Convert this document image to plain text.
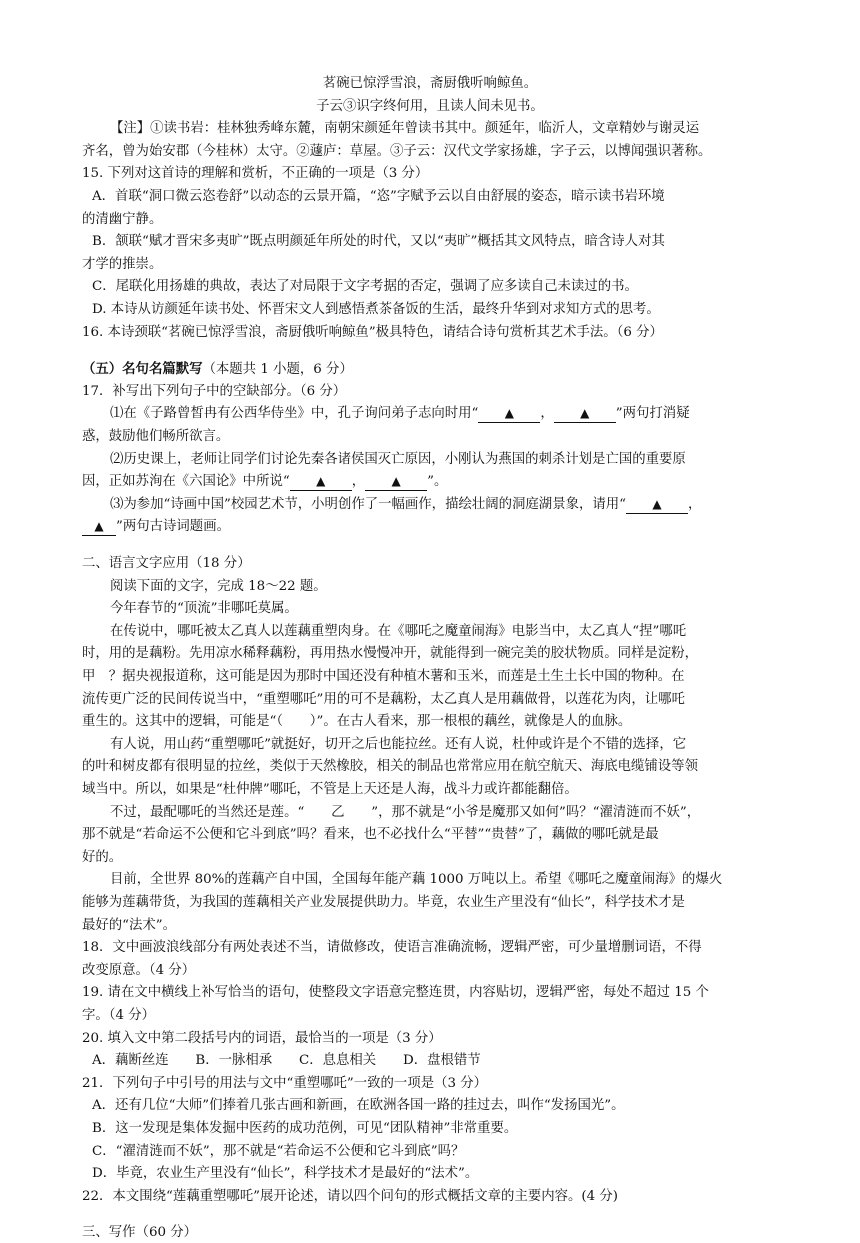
茗碗已惊浮雪浪，斋厨俄听响鲸鱼。
子云③识字终何用，且读人间未见书。
【注】①读书岩：桂林独秀峰东麓，南朝宋颜延年曾读书其中。颜延年，临沂人，文章精妙与谢灵运
齐名，曾为始安郡（今桂林）太守。②蘧庐：草屋。③子云：汉代文学家扬雄，字子云，以博闻强识著称。
15. 下列对这首诗的理解和赏析，不正确的一项是（3 分）
A．首联“洞口微云恣卷舒”以动态的云景开篇，“恣”字赋予云以自由舒展的姿态，暗示读书岩环境
的清幽宁静。
B．颔联“赋才晋宋多夷旷”既点明颜延年所处的时代，又以“夷旷”概括其文风特点，暗含诗人对其
才学的推崇。
C．尾联化用扬雄的典故，表达了对局限于文字考据的否定，强调了应多读自己未读过的书。
D. 本诗从访颜延年读书处、怀晋宋文人到感悟煮茶备饭的生活，最终升华到对求知方式的思考。
16. 本诗颈联“茗碗已惊浮雪浪，斋厨俄听响鲸鱼”极具特色，请结合诗句赏析其艺术手法。（6 分）
（五）名句名篇默写（本题共 1 小题，6 分）
17．补写出下列句子中的空缺部分。（6 分）
⑴在《子路曾皙冉有公西华侍坐》中，孔子询问弟子志向时用“ ▲ ， ▲ ”两句打消疑
惑，鼓励他们畅所欲言。
⑵历史课上，老师让同学们讨论先秦各诸侯国灭亡原因，小刚认为燕国的刺杀计划是亡国的重要原
因，正如苏洵在《六国论》中所说“ ▲ ， ▲ ”。
⑶为参加“诗画中国”校园艺术节，小明创作了一幅画作，描绘壮阔的洞庭湖景象，请用“ ▲ ，
▲ ”两句古诗词题画。
二、语言文字应用（18 分）
阅读下面的文字，完成 18～22 题。
今年春节的“顶流”非哪吒莫属。
在传说中，哪吒被太乙真人以莲藕重塑肉身。在《哪吒之魔童闹海》电影当中，太乙真人“捏”哪吒
时，用的是藕粉。先用凉水稀释藕粉，再用热水慢慢冲开，就能得到一碗完美的胶状物质。同样是淀粉，
甲　？据央视报道称，这可能是因为那时中国还没有种植木薯和玉米，而莲是土生土长中国的物种。在
流传更广泛的民间传说当中，“重塑哪吒”用的可不是藕粉，太乙真人是用藕做骨，以莲花为肉，让哪吒
重生的。这其中的逻辑，可能是“（　　）”。在古人看来，那一根根的藕丝，就像是人的血脉。
有人说，用山药“重塑哪吒”就挺好，切开之后也能拉丝。还有人说，杜仲或许是个不错的选择，它
的叶和树皮都有很明显的拉丝，类似于天然橡胶，相关的制品也常常应用在航空航天、海底电缆铺设等领
域当中。所以，如果是“杜仲牌”哪吒，不管是上天还是人海，战斗力或许都能翻倍。
不过，最配哪吒的当然还是莲。“　　乙　　”，那不就是“小爷是魔那又如何”吗？“濯清涟而不妖”，
那不就是“若命运不公便和它斗到底”吗？看来，也不必找什么“平替”“贵替”了，藕做的哪吒就是最
好的。
目前，全世界 80%的莲藕产自中国，全国每年能产藕 1000 万吨以上。希望《哪吒之魔童闹海》的爆火
能够为莲藕带货，为我国的莲藕相关产业发展提供助力。毕竟，农业生产里没有“仙长”，科学技术才是
最好的“法术”。
18．文中画波浪线部分有两处表述不当，请做修改，使语言准确流畅，逻辑严密，可少量增删词语，不得
改变原意。（4 分）
19. 请在文中横线上补写恰当的语句，使整段文字语意完整连贯，内容贴切，逻辑严密，每处不超过 15 个
字。（4 分）
20. 填入文中第二段括号内的词语，最恰当的一项是（3 分）
A．藕断丝连　　B．一脉相承　　C．息息相关　　D．盘根错节
21．下列句子中引号的用法与文中“重塑哪吒”一致的一项是（3 分）
A．还有几位“大师”们捧着几张古画和新画，在欧洲各国一路的挂过去，叫作“发扬国光”。
B．这一发现是集体发掘中医药的成功范例，可见“团队精神”非常重要。
C．“濯清涟而不妖”，那不就是“若命运不公便和它斗到底”吗？
D．毕竟，农业生产里没有“仙长”，科学技术才是最好的“法术”。
22．本文围绕“莲藕重塑哪吒”展开论述，请以四个问句的形式概括文章的主要内容。(4 分)
三、写作（60 分）
